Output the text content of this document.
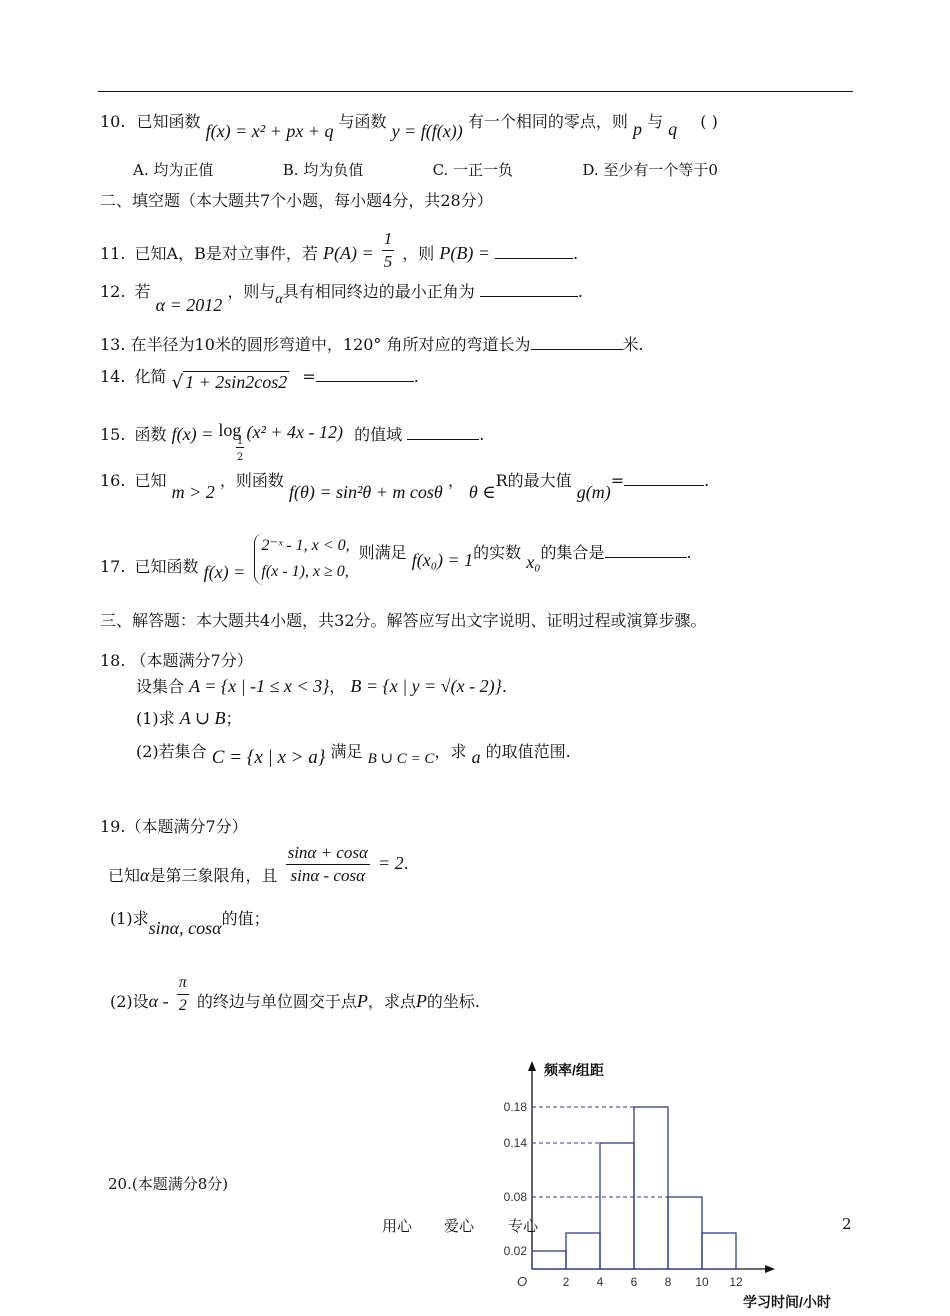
10. 已知函数 f(x) = x² + px + q 与函数 y = f(f(x)) 有一个相同的零点，则 p 与 q ( )
A. 均为正值	B. 均为负值	C. 一正一负	D. 至少有一个等于0
二、填空题（本大题共7个小题，每小题4分，共28分）
11. 已知A，B是对立事件，若 $P(A) = \frac{1}{5}$ ，则 P(B) =	.
12. 若 α = 2012 ，则与α具有相同终边的最小正角为	.
13. 在半径为10米的圆形弯道中，120° 角所对应的弯道长为	米.
14. 化简 √ 1 + 2sin2cos2 =	.
15. 函数 f(x) = log (x² + 4x - 12) 的值域	.
1
2
16. 已知 m > 2 ，则函数 f(θ) = sin²θ + m cosθ ， θ ∈R的最大值 g(m)=	.
17. 已知函数 f(x) =
2⁻ˣ - 1, x < 0,
f(x - 1), x ≥ 0,
则满足 f(x₀) = 1的实数 x₀的集合是	.
三、解答题：本大题共4小题，共32分。解答应写出文字说明、证明过程或演算步骤。
18. （本题满分7分）
设集合 A = {x | -1 ≤ x < 3}， B = {x | y = √(x - 2)}.
(1)求 A ∪ B；
(2)若集合 C = {x | x > a} 满足 B ∪ C = C，求 a 的取值范围.
19.（本题满分7分）
已知α是第三象限角，且 $\frac{\sin\alpha + \cos\alpha}{\sin\alpha - \cos\alpha} = 2$.
(1)求sinα, cosα的值；
(2)设α - $\frac{\pi}{2}$ 的终边与单位圆交于点P，求点P的坐标.
20.(本题满分8分)
0.02
0.08
0.14
0.18
2 4 6 8 10 12
O
频率/组距
学习时间/小时
用心 爱心 专心	2
